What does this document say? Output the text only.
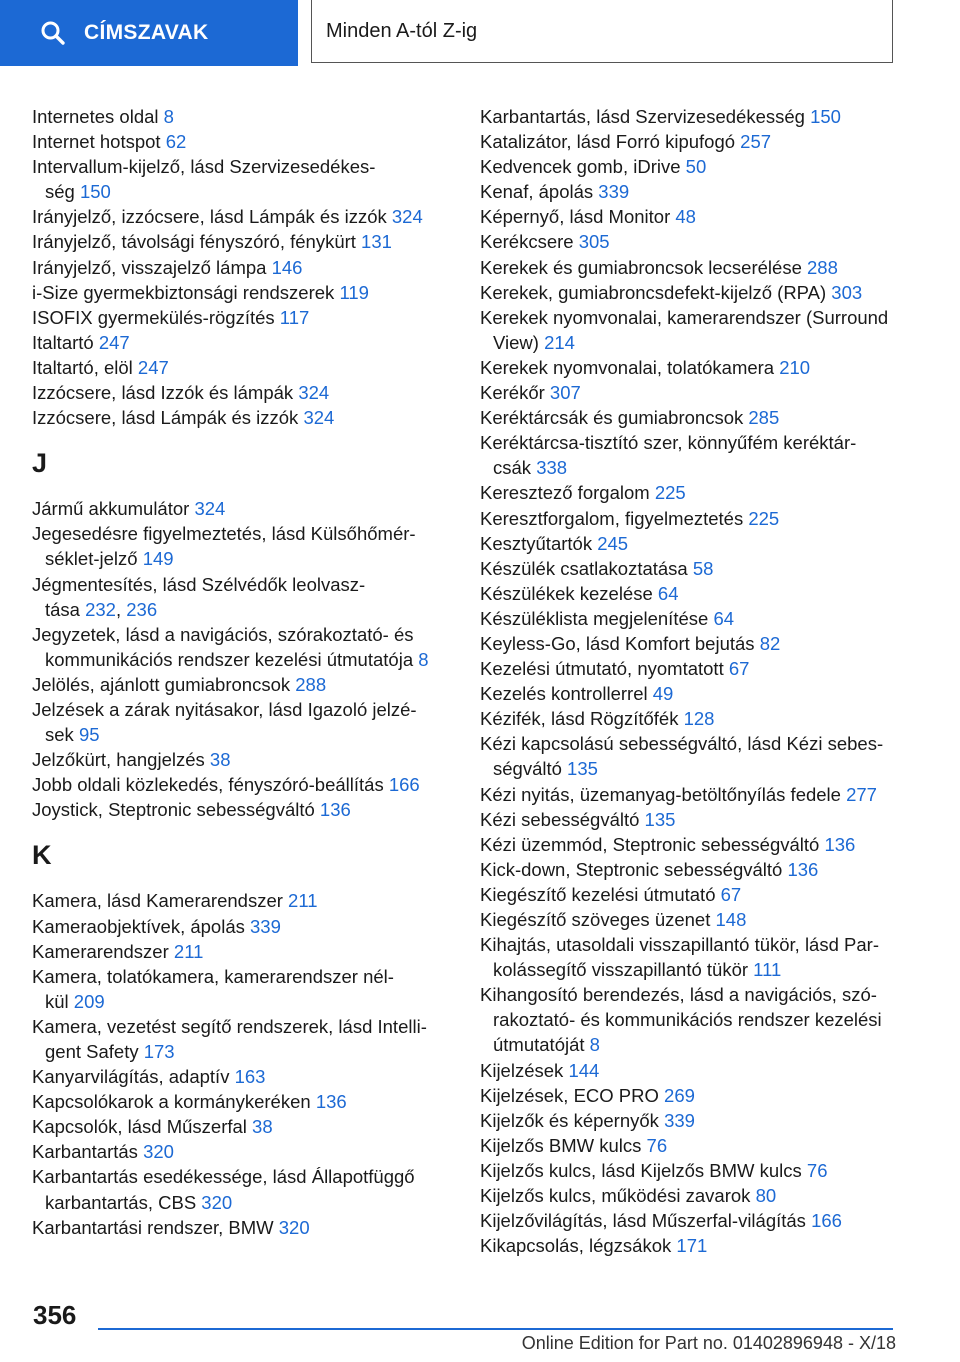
CÍMSZAVAK	Minden A-tól Z-ig
Internetes oldal 8
Internet hotspot 62
Intervallum-kijelző, lásd Szervizesedékes-
ség 150
Irányjelző, izzócsere, lásd Lámpák és izzók 324
Irányjelző, távolsági fényszóró, fénykürt 131
Irányjelző, visszajelző lámpa 146
i-Size gyermekbiztonsági rendszerek 119
ISOFIX gyermekülés-rögzítés 117
Italtartó 247
Italtartó, elöl 247
Izzócsere, lásd Izzók és lámpák 324
Izzócsere, lásd Lámpák és izzók 324
J
Jármű akkumulátor 324
Jegesedésre figyelmeztetés, lásd Külsőhőmér-
séklet-jelző 149
Jégmentesítés, lásd Szélvédők leolvasz-
tása 232, 236
Jegyzetek, lásd a navigációs, szórakoztató- és
kommunikációs rendszer kezelési útmutatója 8
Jelölés, ajánlott gumiabroncsok 288
Jelzések a zárak nyitásakor, lásd Igazoló jelzé-
sek 95
Jelzőkürt, hangjelzés 38
Jobb oldali közlekedés, fényszóró-beállítás 166
Joystick, Steptronic sebességváltó 136
K
Kamera, lásd Kamerarendszer 211
Kameraobjektívek, ápolás 339
Kamerarendszer 211
Kamera, tolatókamera, kamerarendszer nél-
kül 209
Kamera, vezetést segítő rendszerek, lásd Intelli-
gent Safety 173
Kanyarvilágítás, adaptív 163
Kapcsolókarok a kormánykeréken 136
Kapcsolók, lásd Műszerfal 38
Karbantartás 320
Karbantartás esedékessége, lásd Állapotfüggő
karbantartás, CBS 320
Karbantartási rendszer, BMW 320
Karbantartás, lásd Szervizesedékesség 150
Katalizátor, lásd Forró kipufogó 257
Kedvencek gomb, iDrive 50
Kenaf, ápolás 339
Képernyő, lásd Monitor 48
Kerékcsere 305
Kerekek és gumiabroncsok lecserélése 288
Kerekek, gumiabroncsdefekt-kijelző (RPA) 303
Kerekek nyomvonalai, kamerarendszer (Surround
View) 214
Kerekek nyomvonalai, tolatókamera 210
Kerékőr 307
Keréktárcsák és gumiabroncsok 285
Keréktárcsa-tisztító szer, könnyűfém keréktár-
csák 338
Keresztező forgalom 225
Keresztforgalom, figyelmeztetés 225
Kesztyűtartók 245
Készülék csatlakoztatása 58
Készülékek kezelése 64
Készüléklista megjelenítése 64
Keyless-Go, lásd Komfort bejutás 82
Kezelési útmutató, nyomtatott 67
Kezelés kontrollerrel 49
Kézifék, lásd Rögzítőfék 128
Kézi kapcsolású sebességváltó, lásd Kézi sebes-
ségváltó 135
Kézi nyitás, üzemanyag-betöltőnyílás fedele 277
Kézi sebességváltó 135
Kézi üzemmód, Steptronic sebességváltó 136
Kick-down, Steptronic sebességváltó 136
Kiegészítő kezelési útmutató 67
Kiegészítő szöveges üzenet 148
Kihajtás, utasoldali visszapillantó tükör, lásd Par-
kolássegítő visszapillantó tükör 111
Kihangosító berendezés, lásd a navigációs, szó-
rakoztató- és kommunikációs rendszer kezelési
útmutatóját 8
Kijelzések 144
Kijelzések, ECO PRO 269
Kijelzők és képernyők 339
Kijelzős BMW kulcs 76
Kijelzős kulcs, lásd Kijelzős BMW kulcs 76
Kijelzős kulcs, működési zavarok 80
Kijelzővilágítás, lásd Műszerfal-világítás 166
Kikapcsolás, légzsákok 171
356
Online Edition for Part no. 01402896948 - X/18
